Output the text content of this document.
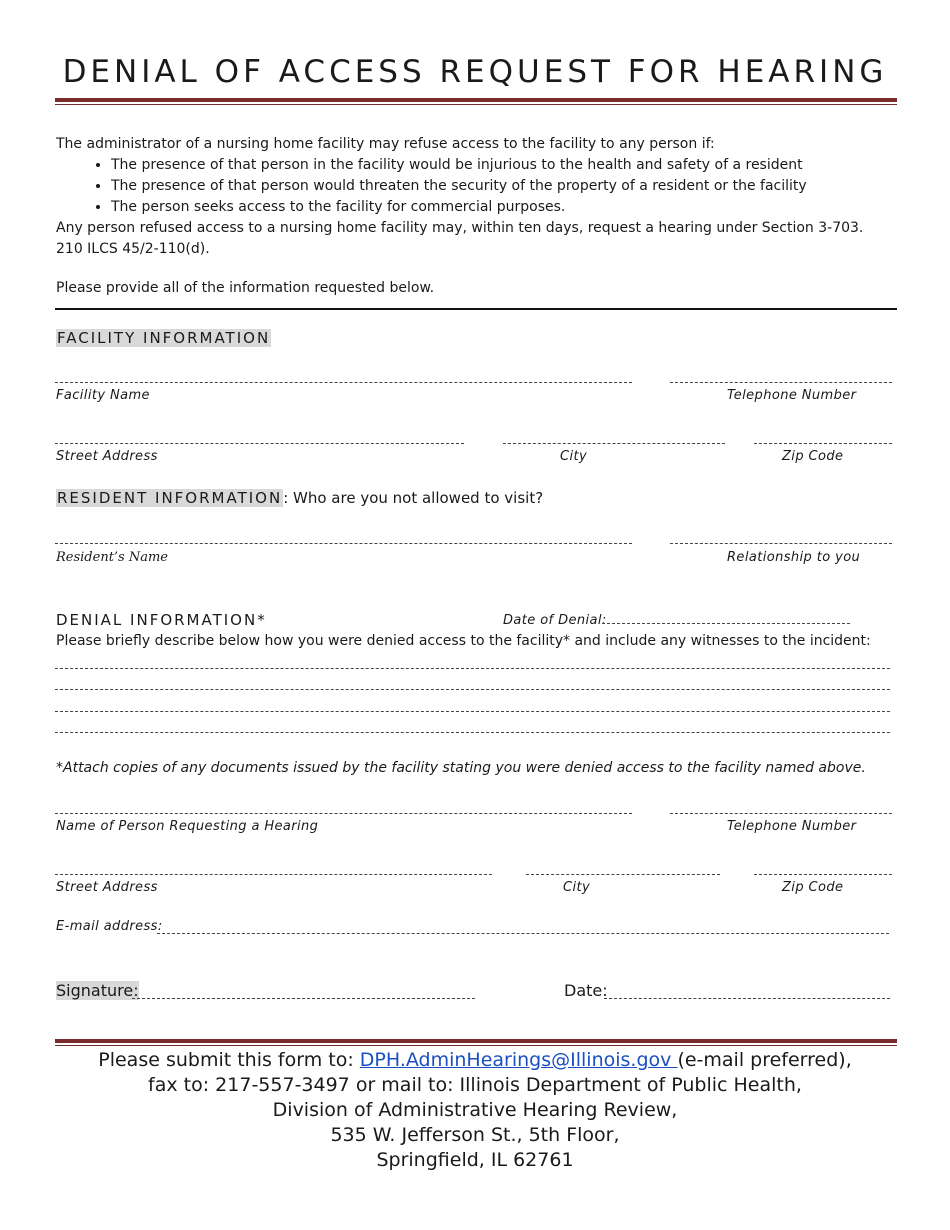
DENIAL OF ACCESS REQUEST FOR HEARING
The administrator of a nursing home facility may refuse access to the facility to any person if:
• The presence of that person in the facility would be injurious to the health and safety of a resident
• The presence of that person would threaten the security of the property of a resident or the facility
• The person seeks access to the facility for commercial purposes.
Any person refused access to a nursing home facility may, within ten days, request a hearing under Section 3-703.
210 ILCS 45/2-110(d).
Please provide all of the information requested below.
FACILITY INFORMATION
Facility Name	Telephone Number
Street Address	City	Zip Code
RESIDENT INFORMATION: Who are you not allowed to visit?
Resident’s Name	Relationship to you
DENIAL INFORMATION*	Date of Denial:
Please briefly describe below how you were denied access to the facility* and include any witnesses to the incident:
*Attach copies of any documents issued by the facility stating you were denied access to the facility named above.
Name of Person Requesting a Hearing	Telephone Number
Street Address	City	Zip Code
E-mail address:
Signature:	Date:
Please submit this form to: DPH.AdminHearings@Illinois.gov (e-mail preferred),
fax to: 217-557-3497 or mail to: Illinois Department of Public Health,
Division of Administrative Hearing Review,
535 W. Jefferson St., 5th Floor,
Springfield, IL 62761
